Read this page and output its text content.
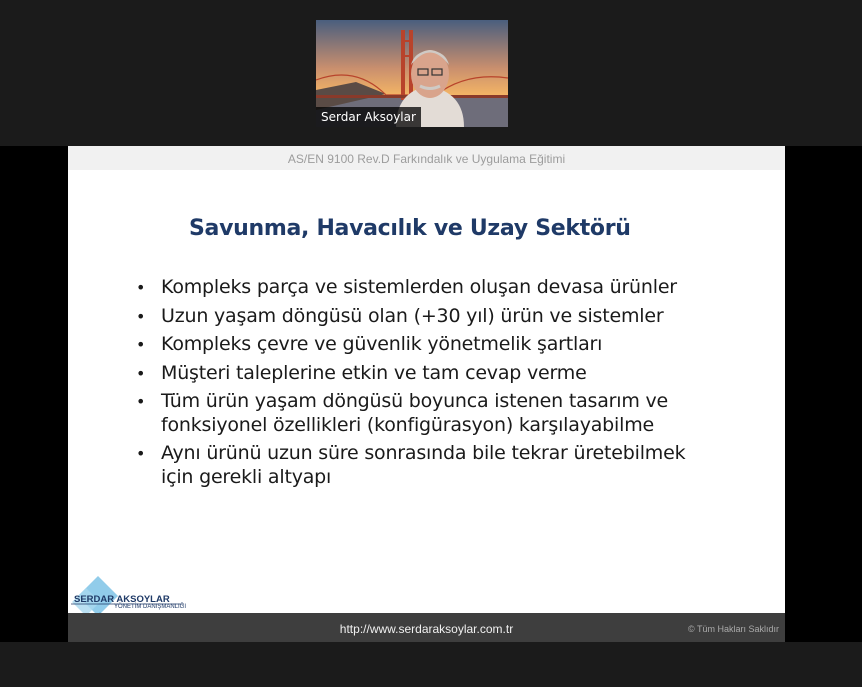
Serdar Aksoylar
AS/EN 9100 Rev.D Farkındalık ve Uygulama Eğitimi
Savunma, Havacılık ve Uzay Sektörü
• Kompleks parça ve sistemlerden oluşan devasa ürünler
• Uzun yaşam döngüsü olan (+30 yıl) ürün ve sistemler
• Kompleks çevre ve güvenlik yönetmelik şartları
• Müşteri taleplerine etkin ve tam cevap verme
• Tüm ürün yaşam döngüsü boyunca istenen tasarım ve fonksiyonel özellikleri (konfigürasyon) karşılayabilme
• Aynı ürünü uzun süre sonrasında bile tekrar üretebilmek için gerekli altyapı
SERDAR AKSOYLAR
YÖNETİM DANIŞMANLIĞI
http://www.serdaraksoylar.com.tr	© Tüm Hakları Saklıdır
